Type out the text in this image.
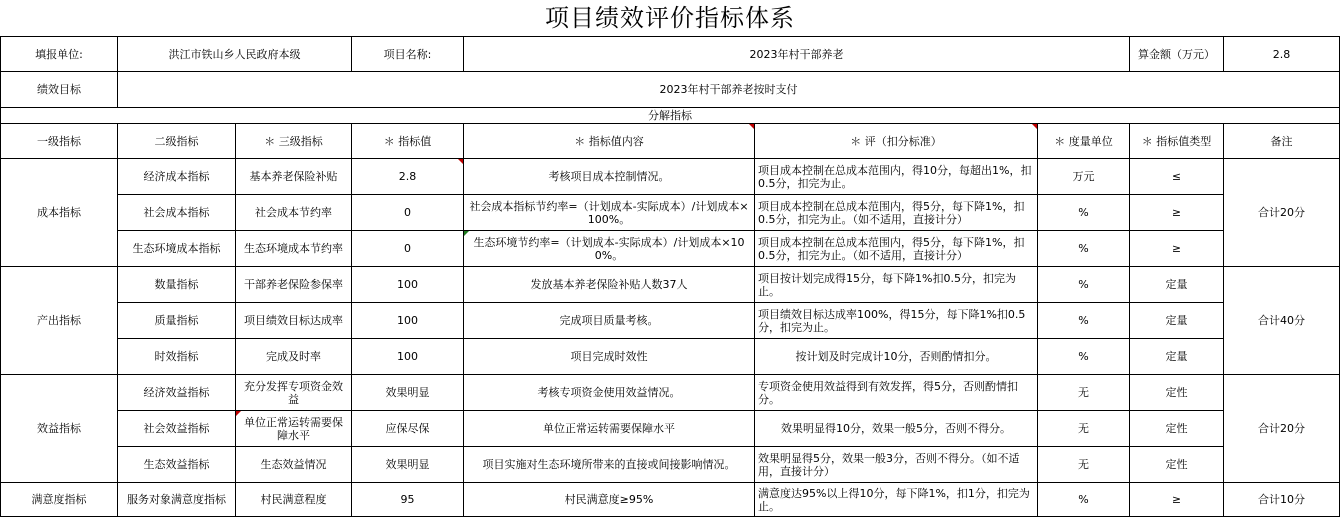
项目绩效评价指标体系
填报单位:	洪江市铁山乡人民政府本级		项目名称:	2023年村干部养老			算金额（万元）	2.8
绩效目标	2023年村干部养老按时支付							
分解指标								
一级指标	二级指标	＊ 三级指标	＊ 指标值	＊ 指标值内容	＊ 评（扣分标准）	＊ 度量单位	＊ 指标值类型	备注
成本指标	经济成本指标	基本养老保险补贴	2.8	考核项目成本控制情况。	项目成本控制在总成本范围内，得10分，每超出1%，扣0.5分，扣完为止。	万元	≤	合计20分
	社会成本指标	社会成本节约率	0	社会成本指标节约率=（计划成本-实际成本）/计划成本×100%。	项目成本控制在总成本范围内，得5分，每下降1%，扣0.5分，扣完为止。（如不适用，直接计分）	%	≥	
	生态环境成本指标	生态环境成本节约率	0	生态环境节约率=（计划成本-实际成本）/计划成本×100%。	项目成本控制在总成本范围内，得5分，每下降1%，扣0.5分，扣完为止。（如不适用，直接计分）	%	≥	
产出指标	数量指标	干部养老保险参保率	100	发放基本养老保险补贴人数37人	项目按计划完成得15分，每下降1%扣0.5分，扣完为止。	%	定量	合计40分
	质量指标	项目绩效目标达成率	100	完成项目质量考核。	项目绩效目标达成率100%，得15分，每下降1%扣0.5分，扣完为止。	%	定量	
	时效指标	完成及时率	100	项目完成时效性	按计划及时完成计10分，否则酌情扣分。	%	定量	
效益指标	经济效益指标	充分发挥专项资金效益	效果明显	考核专项资金使用效益情况。	专项资金使用效益得到有效发挥，得5分，否则酌情扣分。	无	定性	合计20分
	社会效益指标	单位正常运转需要保障水平	应保尽保	单位正常运转需要保障水平	效果明显得10分，效果一般5分，否则不得分。	无	定性	
	生态效益指标	生态效益情况	效果明显	项目实施对生态环境所带来的直接或间接影响情况。	效果明显得5分，效果一般3分，否则不得分。（如不适用，直接计分）	无	定性	
满意度指标	服务对象满意度指标	村民满意程度	95	村民满意度≥95%	满意度达95%以上得10分，每下降1%，扣1分，扣完为止。	%	≥	合计10分
